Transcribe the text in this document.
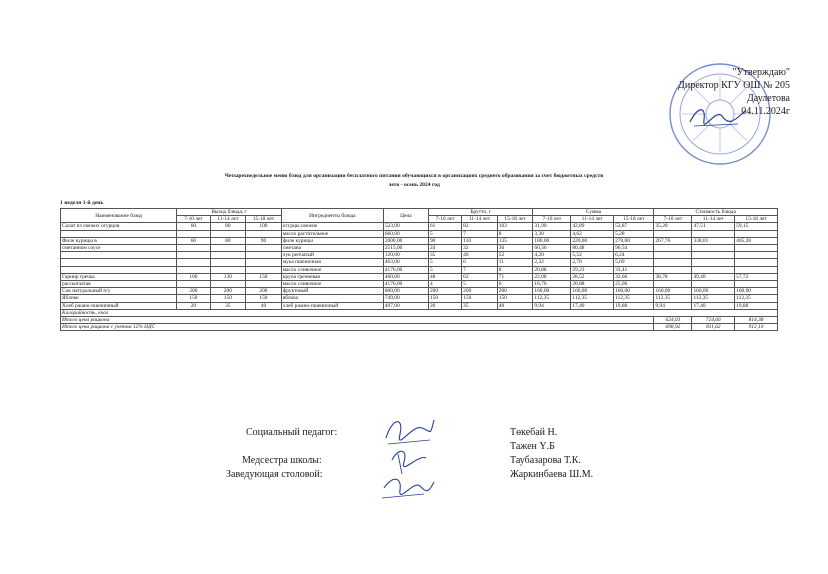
"Утверждаю"
Директор КГУ ОШ № 205
Даулетова
04.11.2024г
Четырехнедельное меню блюд для организации бесплатного питания обучающихся в организациях среднего образования за счет бюджетных средств
лето - осень 2024 год
1 неделя 1-й день
Наименование блюд	Выход блюда, г			Ингредиенты блюда	Цена	Брутто, г			Сумма			Стоимость блюда		
	7-10 лет	11-14 лет	15-18 лет			7-10 лет	11-14 лет	15-18 лет	7-10 лет	11-14 лет	15-18 лет	7-10 лет	11-14 лет	15-18 лет
Салат из свежих огурцов	60	80	100	огурцы свежие	523,00	61	82	103	31,90	42,89	53,87	35,20	47,51	59,15
				масло растительное	660,00	5	7	8	3,30	4,62	5,28			
Филе курицы в	60	80	90	филе курицы	2000,00	90	110	135	180,00	220,00	270,00	267,76	338,01	405,28
сметанном соусе				сметана	2515,00	24	32	36	60,36	80,48	90,54			
				лук репчатый	120,00	35	46	52	4,20	5,52	6,24			
				мука пшеничная	463,00	5	6	11	2,32	2,78	5,09			
				масло сливочное	4176,00	5	7	8	20,88	29,23	33,41			
Гарнир гречка	100	130	150	крупа гречневая	460,00	48	62	71	22,08	28,52	32,66	38,78	49,40	57,72
рассыпчатая				масло сливочное	4176,00	4	5	6	16,70	20,88	25,06			
Сок натуральный п/у	200	200	200	фруктовый	800,00	200	200	200	160,00	160,00	160,00	160,00	160,00	160,00
Яблоко	150	150	150	яблоко	749,00	150	150	150	112,35	112,35	112,35	112,35	112,35	112,35
Хлеб ржано-пшеничный	20	35	40	хлеб ржано-пшеничный	497,00	20	35	40	9,94	17,40	19,88	9,94	17,40	19,88
Калорийность, ккал														
Итого цена рациона												624,03	724,66	814,38
Итого цена рациона с учетом 12% НДС												698,92	811,62	912,10
Социальный педагог:	Төкебай Н.
Тажен Ү.Б
Медсестра школы:	Таубазарова Т.К.
Заведующая столовой:	Жаркинбаева Ш.М.
